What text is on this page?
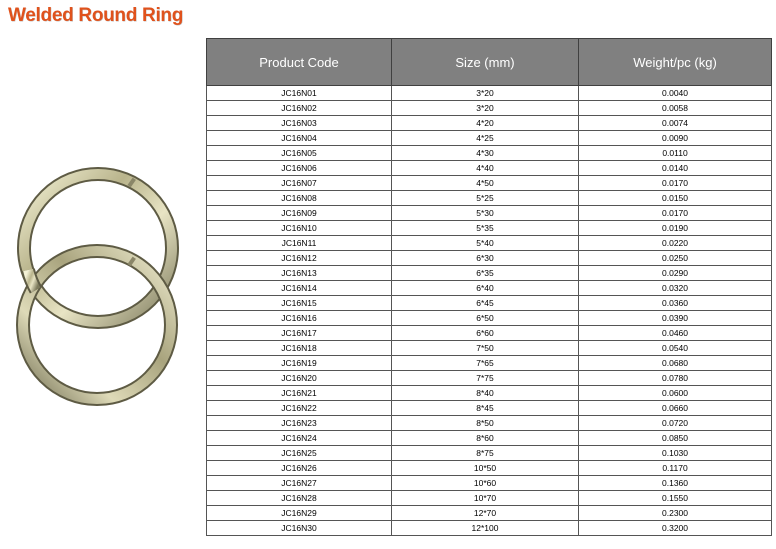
Welded Round Ring
Product Code	Size (mm)	Weight/pc (kg)
JC16N01	3*20	0.0040
JC16N02	3*20	0.0058
JC16N03	4*20	0.0074
JC16N04	4*25	0.0090
JC16N05	4*30	0.0110
JC16N06	4*40	0.0140
JC16N07	4*50	0.0170
JC16N08	5*25	0.0150
JC16N09	5*30	0.0170
JC16N10	5*35	0.0190
JC16N11	5*40	0.0220
JC16N12	6*30	0.0250
JC16N13	6*35	0.0290
JC16N14	6*40	0.0320
JC16N15	6*45	0.0360
JC16N16	6*50	0.0390
JC16N17	6*60	0.0460
JC16N18	7*50	0.0540
JC16N19	7*65	0.0680
JC16N20	7*75	0.0780
JC16N21	8*40	0.0600
JC16N22	8*45	0.0660
JC16N23	8*50	0.0720
JC16N24	8*60	0.0850
JC16N25	8*75	0.1030
JC16N26	10*50	0.1170
JC16N27	10*60	0.1360
JC16N28	10*70	0.1550
JC16N29	12*70	0.2300
JC16N30	12*100	0.3200
